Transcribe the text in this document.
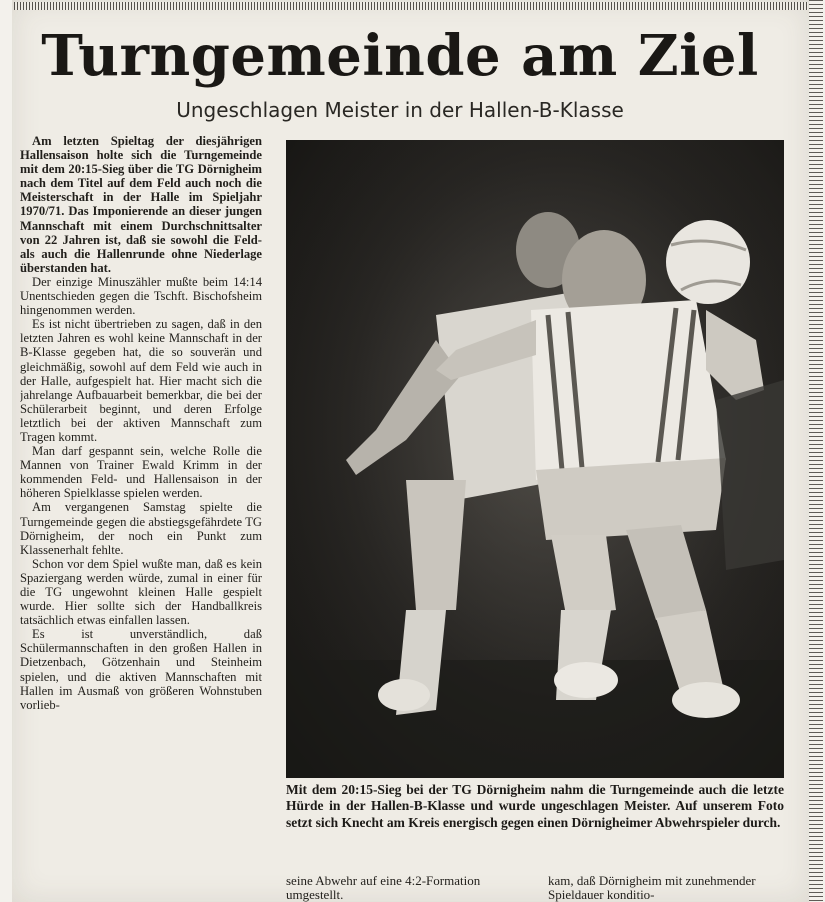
Turngemeinde am Ziel
Ungeschlagen Meister in der Hallen-B-Klasse

Am letzten Spieltag der diesjährigen Hallensaison holte sich die Turngemeinde mit dem 20:15-Sieg über die TG Dörnigheim nach dem Titel auf dem Feld auch noch die Meisterschaft in der Halle im Spieljahr 1970/71. Das Imponierende an dieser jungen Mannschaft mit einem Durchschnittsalter von 22 Jahren ist, daß sie sowohl die Feld- als auch die Hallenrunde ohne Niederlage überstanden hat.

Der einzige Minuszähler mußte beim 14:14 Unentschieden gegen die Tschft. Bischofsheim hingenommen werden.

Es ist nicht übertrieben zu sagen, daß in den letzten Jahren es wohl keine Mannschaft in der B-Klasse gegeben hat, die so souverän und gleichmäßig, sowohl auf dem Feld wie auch in der Halle, aufgespielt hat. Hier macht sich die jahrelange Aufbauarbeit bemerkbar, die bei der Schülerarbeit beginnt, und deren Erfolge letztlich bei der aktiven Mannschaft zum Tragen kommt.

Man darf gespannt sein, welche Rolle die Mannen von Trainer Ewald Krimm in der kommenden Feld- und Hallensaison in der höheren Spielklasse spielen werden.

Am vergangenen Samstag spielte die Turngemeinde gegen die abstiegsgefährdete TG Dörnigheim, der noch ein Punkt zum Klassenerhalt fehlte.

Schon vor dem Spiel wußte man, daß es kein Spaziergang werden würde, zumal in einer für die TG ungewohnt kleinen Halle gespielt wurde. Hier sollte sich der Handballkreis tatsächlich etwas einfallen lassen.

Es ist unverständlich, daß Schülermannschaften in den großen Hallen in Dietzenbach, Götzenhain und Steinheim spielen, und die aktiven Mannschaften mit Hallen im Ausmaß von größeren Wohnstuben vorlieb-

Mit dem 20:15-Sieg bei der TG Dörnigheim nahm die Turngemeinde auch die letzte Hürde in der Hallen-B-Klasse und wurde ungeschlagen Meister. Auf unserem Foto setzt sich Knecht am Kreis energisch gegen einen Dörnigheimer Abwehrspieler durch.

seine Abwehr auf eine 4:2-Formation umgestellt.

kam, daß Dörnigheim mit zunehmender Spieldauer konditio-
